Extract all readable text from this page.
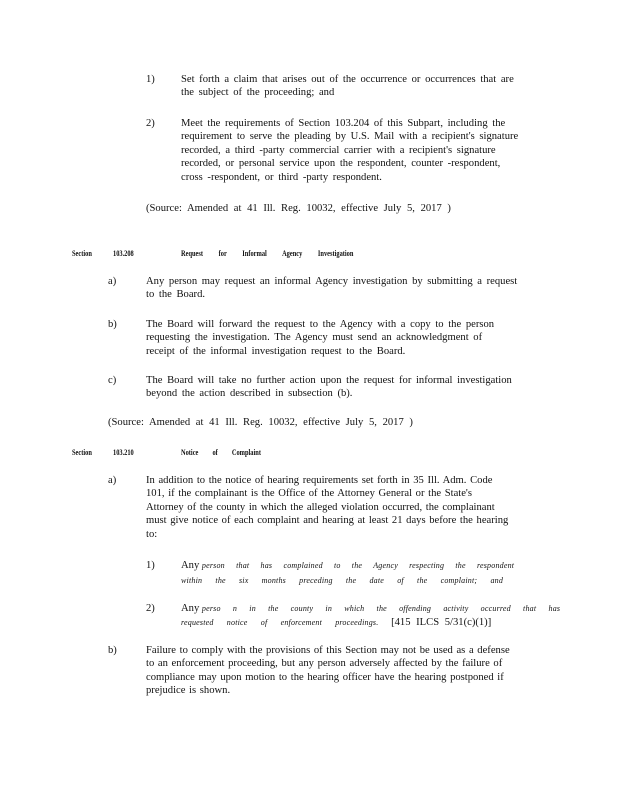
1) Set forth a claim that arises out of the occurrence or occurrences that are
the subject of the proceeding; and
2) Meet the requirements of Section 103.204 of this Subpart, including the
requirement to serve the pleading by U.S. Mail with a recipient's signature
recorded, a third -party commercial carrier with a recipient's signature
recorded, or personal service upon the respondent, counter -respondent,
cross -respondent, or third -party respondent.
(Source: Amended at 41 Ill. Reg. 10032, effective July 5, 2017 )
Section	103.208	Request for Informal Agency Investigation
a)	Any person may request an informal Agency investigation by submitting a request
to the Board.
b)	The Board will forward the request to the Agency with a copy to the person
requesting the investigation. The Agency must send an acknowledgment of
receipt of the informal investigation request to the Board.
c)	The Board will take no further action upon the request for informal investigation
beyond the action described in subsection (b).
(Source: Amended at 41 Ill. Reg. 10032, effective July 5, 2017 )
Section	103.210	Notice of Complaint
a)	In addition to the notice of hearing requirements set forth in 35 Ill. Adm. Code
101, if the complainant is the Office of the Attorney General or the State's
Attorney of the county in which the alleged violation occurred, the complainant
must give notice of each complaint and hearing at least 21 days before the hearing
to:
1) Any person that has complained to the Agency respecting the respondent
within the six months preceding the date of the complaint; and
2) Any perso n in the county in which the offending activity occurred that has
requested notice of enforcement proceedings. [415 ILCS 5/31(c)(1)]
b)	Failure to comply with the provisions of this Section may not be used as a defense
to an enforcement proceeding, but any person adversely affected by the failure of
compliance may upon motion to the hearing officer have the hearing postponed if
prejudice is shown.
